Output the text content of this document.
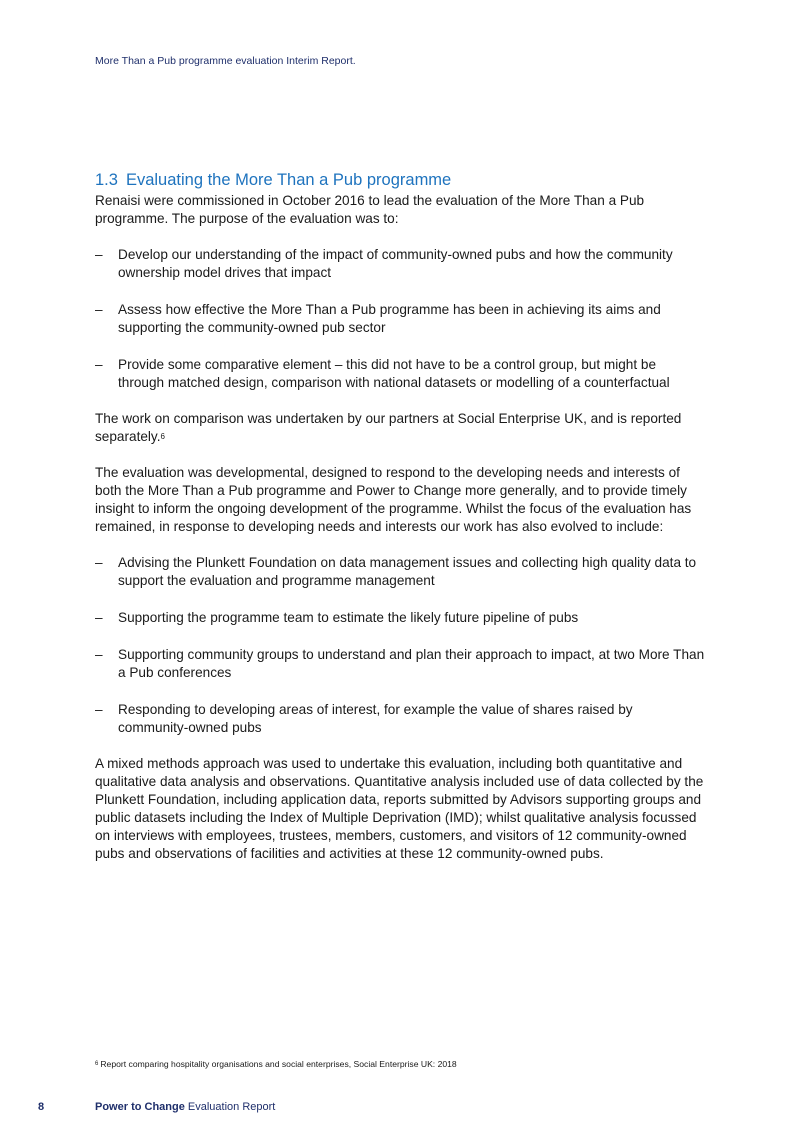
More Than a Pub programme evaluation Interim Report.
1.3 Evaluating the More Than a Pub programme

Renaisi were commissioned in October 2016 to lead the evaluation of the More Than a Pub programme. The purpose of the evaluation was to:

– Develop our understanding of the impact of community-owned pubs and how the community ownership model drives that impact
– Assess how effective the More Than a Pub programme has been in achieving its aims and supporting the community-owned pub sector
– Provide some comparative element – this did not have to be a control group, but might be through matched design, comparison with national datasets or modelling of a counterfactual

The work on comparison was undertaken by our partners at Social Enterprise UK, and is reported separately.$^6$

The evaluation was developmental, designed to respond to the developing needs and interests of both the More Than a Pub programme and Power to Change more generally, and to provide timely insight to inform the ongoing development of the programme. Whilst the focus of the evaluation has remained, in response to developing needs and interests our work has also evolved to include:

– Advising the Plunkett Foundation on data management issues and collecting high quality data to support the evaluation and programme management
– Supporting the programme team to estimate the likely future pipeline of pubs
– Supporting community groups to understand and plan their approach to impact, at two More Than a Pub conferences
– Responding to developing areas of interest, for example the value of shares raised by community-owned pubs

A mixed methods approach was used to undertake this evaluation, including both quantitative and qualitative data analysis and observations. Quantitative analysis included use of data collected by the Plunkett Foundation, including application data, reports submitted by Advisors supporting groups and public datasets including the Index of Multiple Deprivation (IMD); whilst qualitative analysis focussed on interviews with employees, trustees, members, customers, and visitors of 12 community-owned pubs and observations of facilities and activities at these 12 community-owned pubs.

$^6$ Report comparing hospitality organisations and social enterprises, Social Enterprise UK: 2018
8	Power to Change Evaluation Report
